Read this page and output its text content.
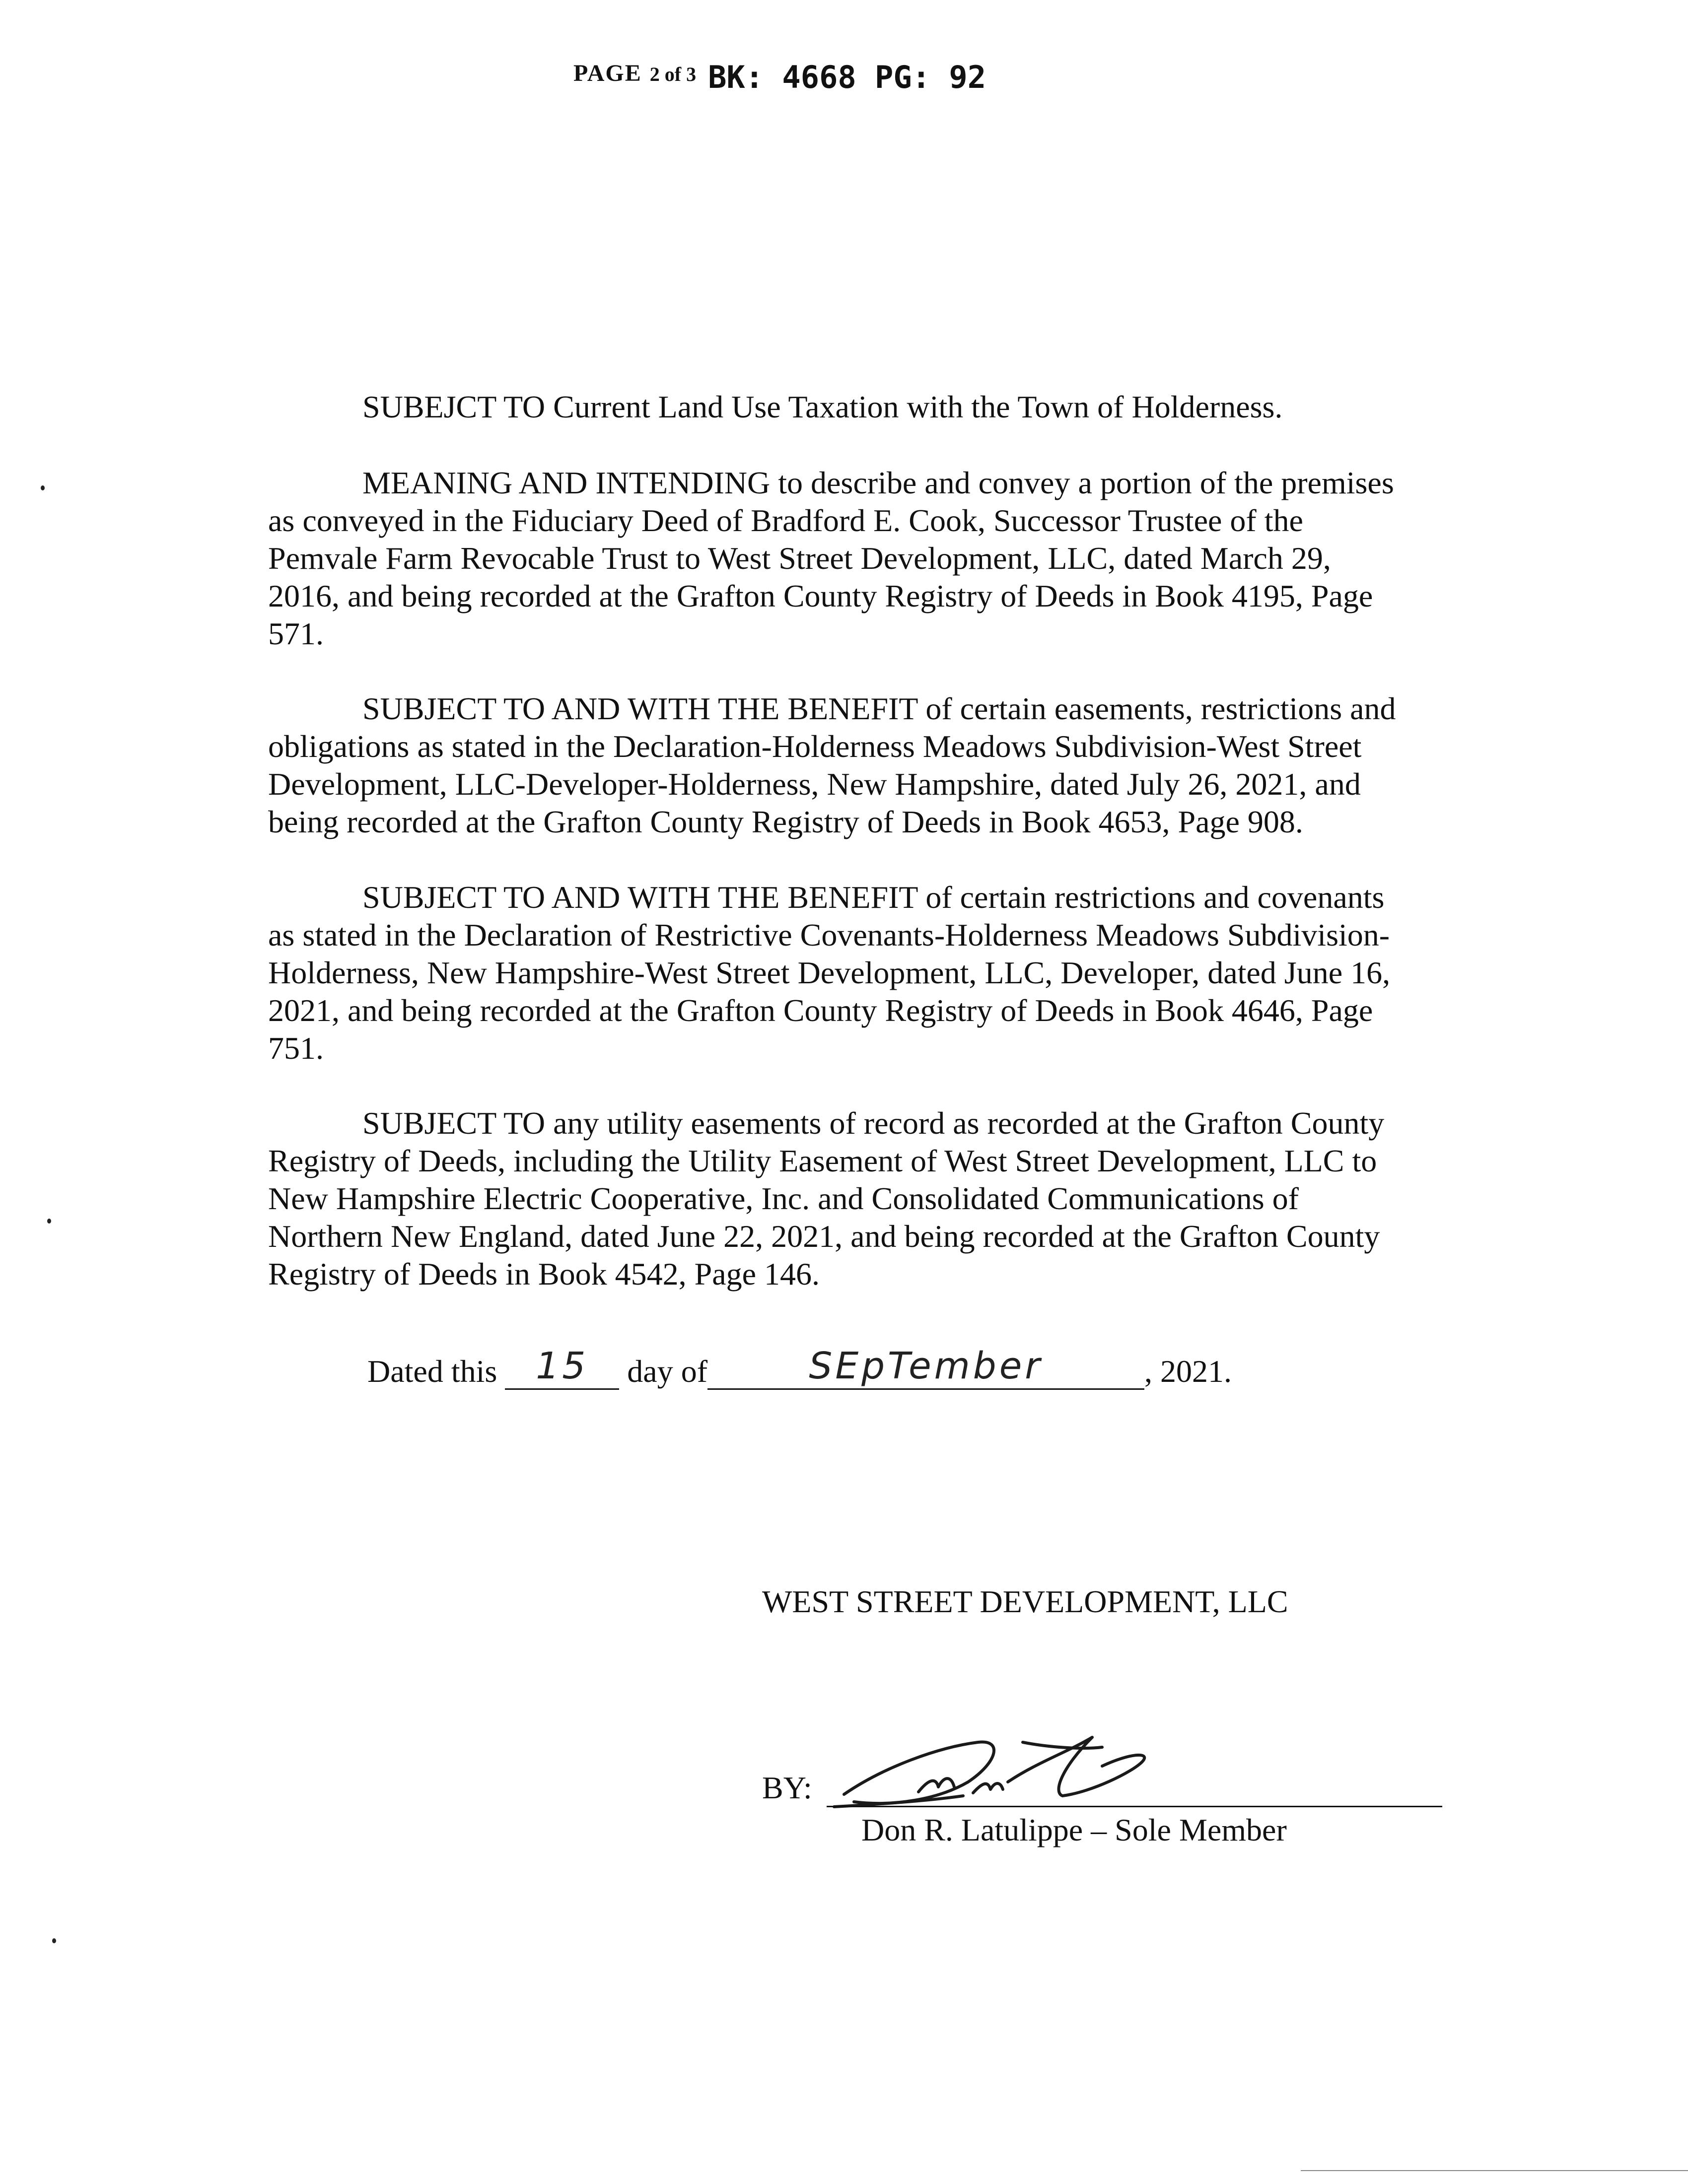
PAGE 2 of 3 BK: 4668 PG: 92

SUBEJCT TO Current Land Use Taxation with the Town of Holderness.

MEANING AND INTENDING to describe and convey a portion of the premises
as conveyed in the Fiduciary Deed of Bradford E. Cook, Successor Trustee of the
Pemvale Farm Revocable Trust to West Street Development, LLC, dated March 29,
2016, and being recorded at the Grafton County Registry of Deeds in Book 4195, Page
571.

SUBJECT TO AND WITH THE BENEFIT of certain easements, restrictions and
obligations as stated in the Declaration-Holderness Meadows Subdivision-West Street
Development, LLC-Developer-Holderness, New Hampshire, dated July 26, 2021, and
being recorded at the Grafton County Registry of Deeds in Book 4653, Page 908.

SUBJECT TO AND WITH THE BENEFIT of certain restrictions and covenants
as stated in the Declaration of Restrictive Covenants-Holderness Meadows Subdivision-
Holderness, New Hampshire-West Street Development, LLC, Developer, dated June 16,
2021, and being recorded at the Grafton County Registry of Deeds in Book 4646, Page
751.

SUBJECT TO any utility easements of record as recorded at the Grafton County
Registry of Deeds, including the Utility Easement of West Street Development, LLC to
New Hampshire Electric Cooperative, Inc. and Consolidated Communications of
Northern New England, dated June 22, 2021, and being recorded at the Grafton County
Registry of Deeds in Book 4542, Page 146.

Dated this	15	day of	SEpTember	, 2021.
WEST STREET DEVELOPMENT, LLC
BY:
Don R. Latulippe – Sole Member
